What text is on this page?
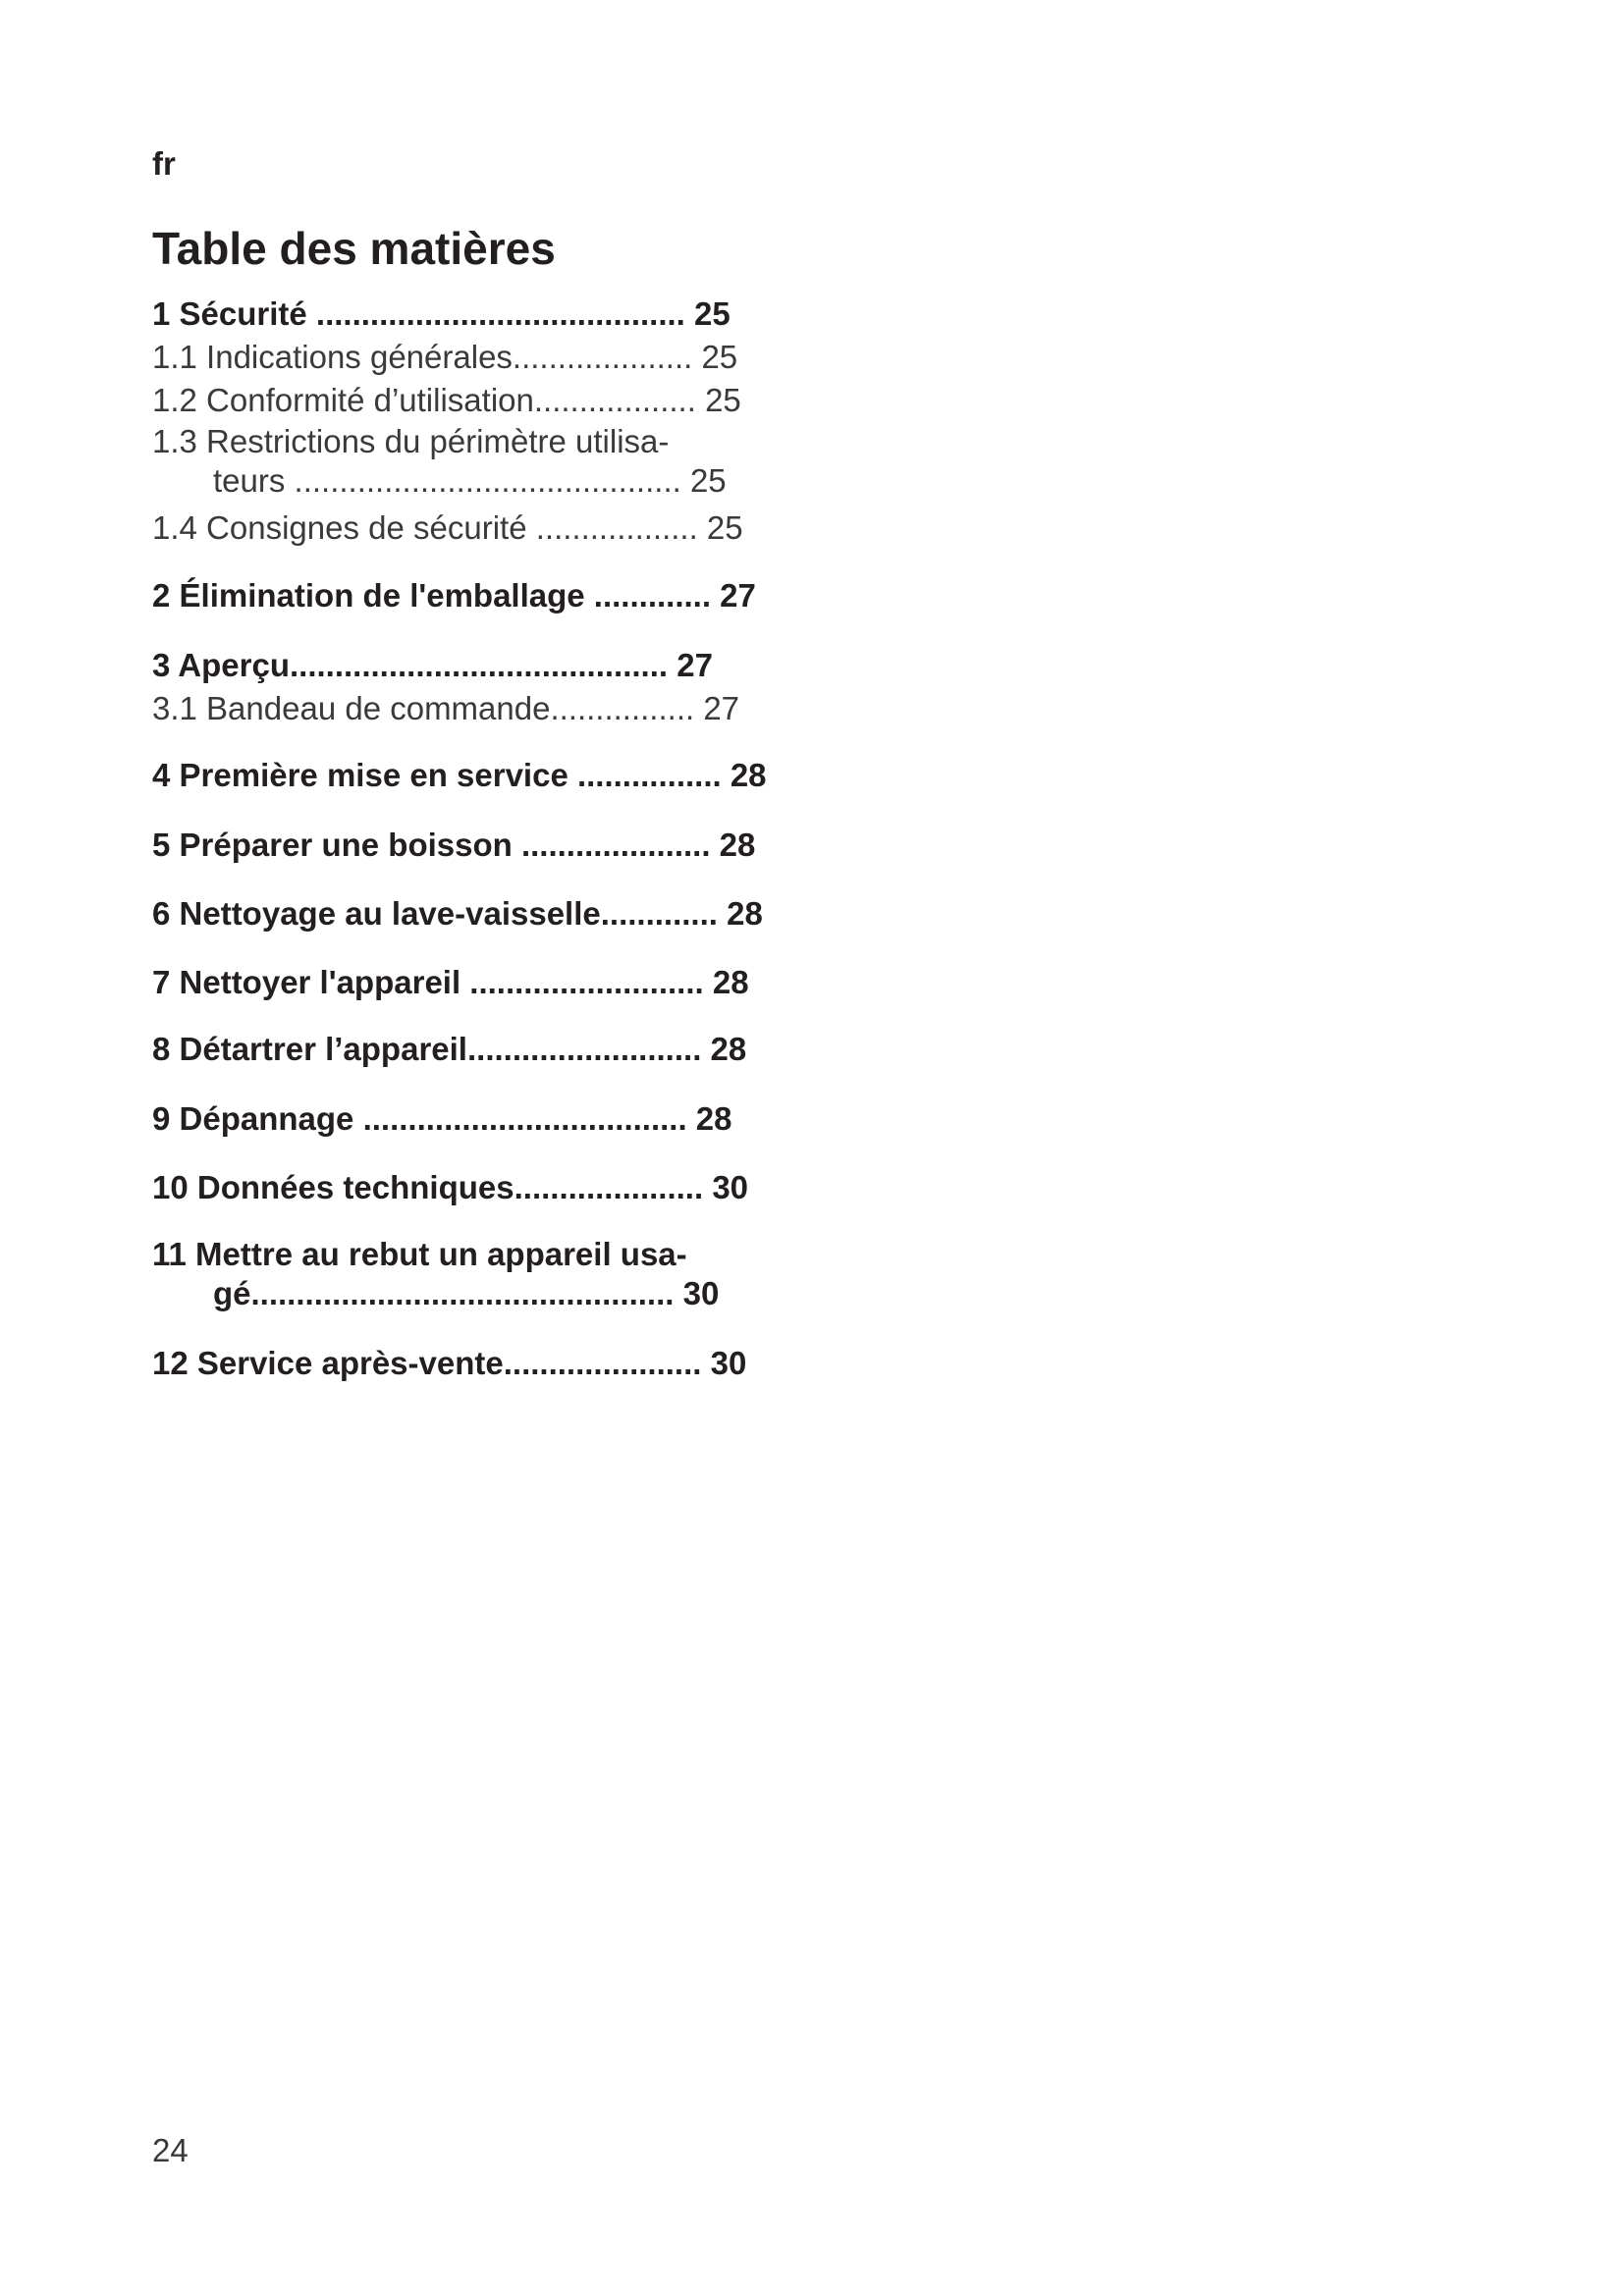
fr
Table des matières
1 Sécurité ......................................... 25
1.1 Indications générales.................... 25
1.2 Conformité d’utilisation.................. 25
1.3 Restrictions du périmètre utilisa-
teurs ........................................... 25
1.4 Consignes de sécurité .................. 25
2 Élimination de l'emballage ............. 27
3 Aperçu.......................................... 27
3.1 Bandeau de commande................ 27
4 Première mise en service ................ 28
5 Préparer une boisson ..................... 28
6 Nettoyage au lave-vaisselle............. 28
7 Nettoyer l'appareil .......................... 28
8 Détartrer l’appareil.......................... 28
9 Dépannage .................................... 28
10 Données techniques..................... 30
11 Mettre au rebut un appareil usa-
gé............................................... 30
12 Service après-vente...................... 30
24
